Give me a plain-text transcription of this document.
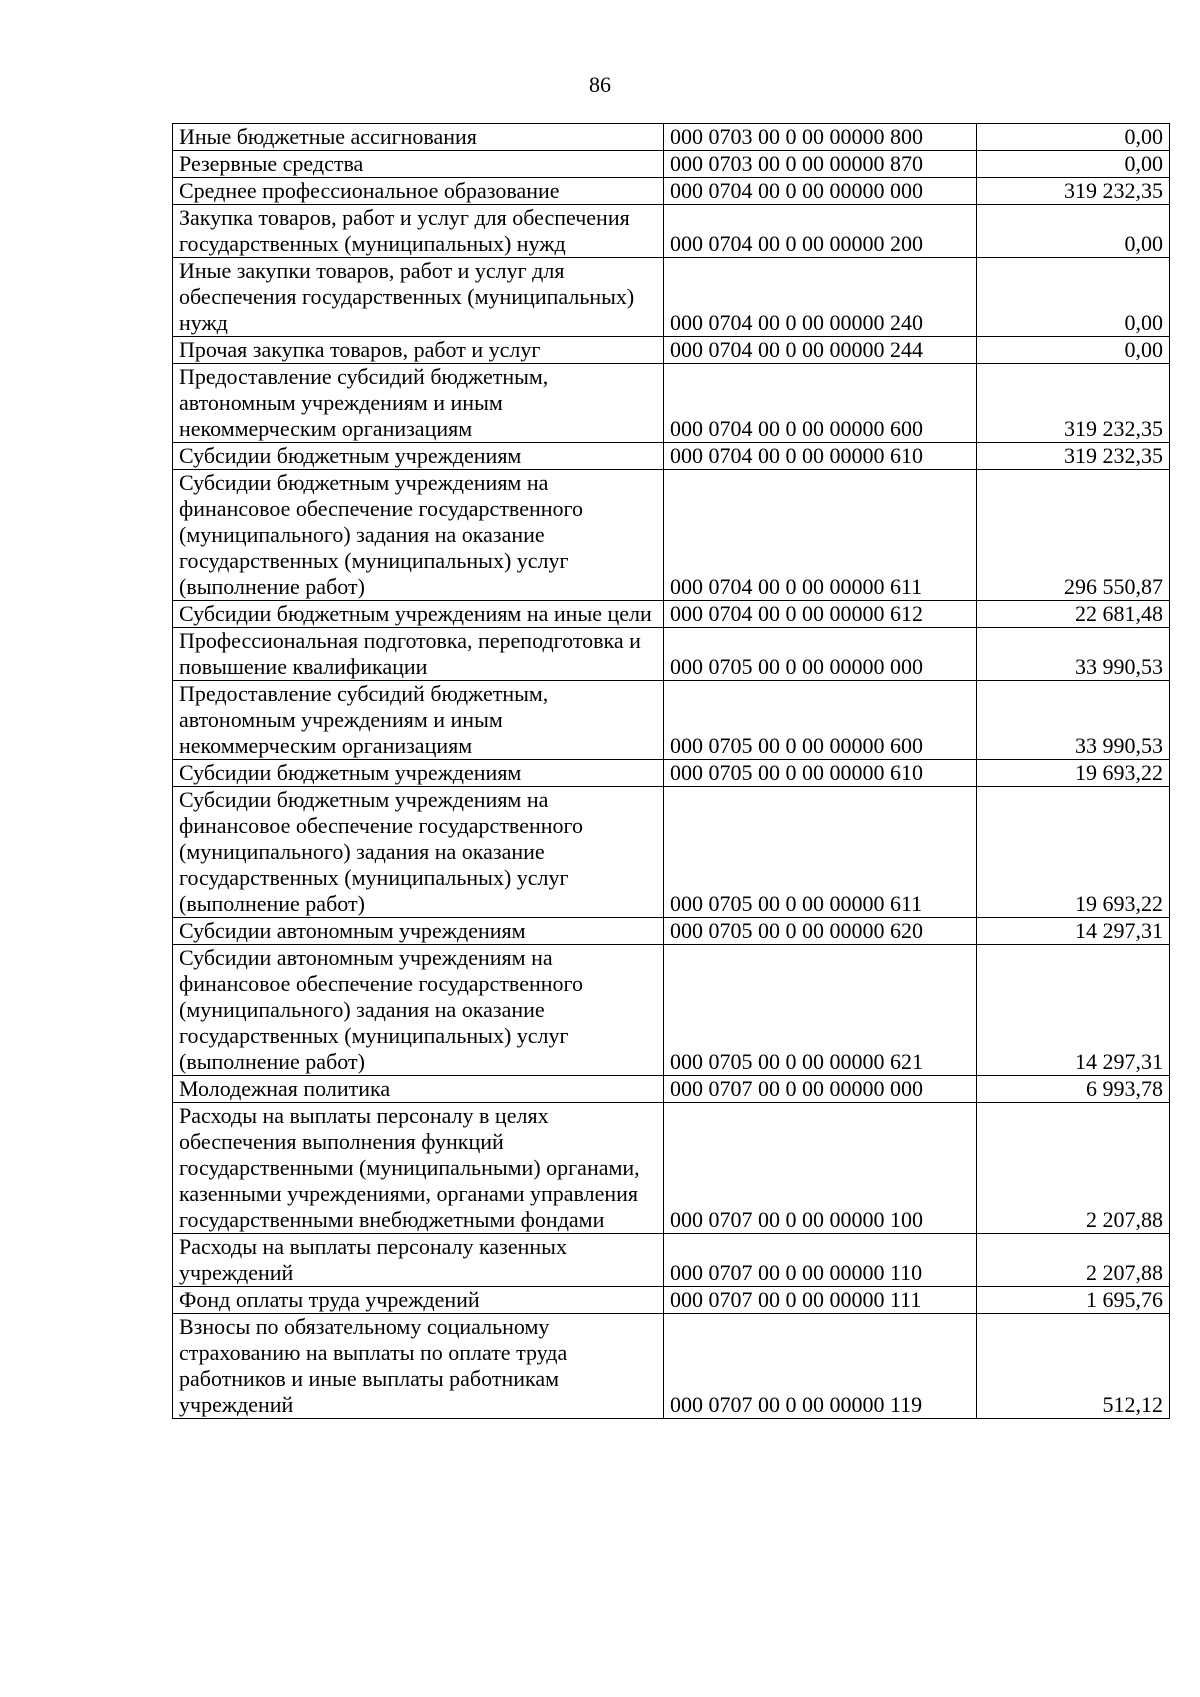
86
Иные бюджетные ассигнования	000 0703 00 0 00 00000 800	0,00
Резервные средства	000 0703 00 0 00 00000 870	0,00
Среднее профессиональное образование	000 0704 00 0 00 00000 000	319 232,35
Закупка товаров, работ и услуг для обеспечения государственных (муниципальных) нужд	000 0704 00 0 00 00000 200	0,00
Иные закупки товаров, работ и услуг для обеспечения государственных (муниципальных) нужд	000 0704 00 0 00 00000 240	0,00
Прочая закупка товаров, работ и услуг	000 0704 00 0 00 00000 244	0,00
Предоставление субсидий бюджетным, автономным учреждениям и иным некоммерческим организациям	000 0704 00 0 00 00000 600	319 232,35
Субсидии бюджетным учреждениям	000 0704 00 0 00 00000 610	319 232,35
Субсидии бюджетным учреждениям на финансовое обеспечение государственного (муниципального) задания на оказание государственных (муниципальных) услуг (выполнение работ)	000 0704 00 0 00 00000 611	296 550,87
Субсидии бюджетным учреждениям на иные цели	000 0704 00 0 00 00000 612	22 681,48
Профессиональная подготовка, переподготовка и повышение квалификации	000 0705 00 0 00 00000 000	33 990,53
Предоставление субсидий бюджетным, автономным учреждениям и иным некоммерческим организациям	000 0705 00 0 00 00000 600	33 990,53
Субсидии бюджетным учреждениям	000 0705 00 0 00 00000 610	19 693,22
Субсидии бюджетным учреждениям на финансовое обеспечение государственного (муниципального) задания на оказание государственных (муниципальных) услуг (выполнение работ)	000 0705 00 0 00 00000 611	19 693,22
Субсидии автономным учреждениям	000 0705 00 0 00 00000 620	14 297,31
Субсидии автономным учреждениям на финансовое обеспечение государственного (муниципального) задания на оказание государственных (муниципальных) услуг (выполнение работ)	000 0705 00 0 00 00000 621	14 297,31
Молодежная политика	000 0707 00 0 00 00000 000	6 993,78
Расходы на выплаты персоналу в целях обеспечения выполнения функций государственными (муниципальными) органами, казенными учреждениями, органами управления государственными внебюджетными фондами	000 0707 00 0 00 00000 100	2 207,88
Расходы на выплаты персоналу казенных учреждений	000 0707 00 0 00 00000 110	2 207,88
Фонд оплаты труда учреждений	000 0707 00 0 00 00000 111	1 695,76
Взносы по обязательному социальному страхованию на выплаты по оплате труда работников и иные выплаты работникам учреждений	000 0707 00 0 00 00000 119	512,12
